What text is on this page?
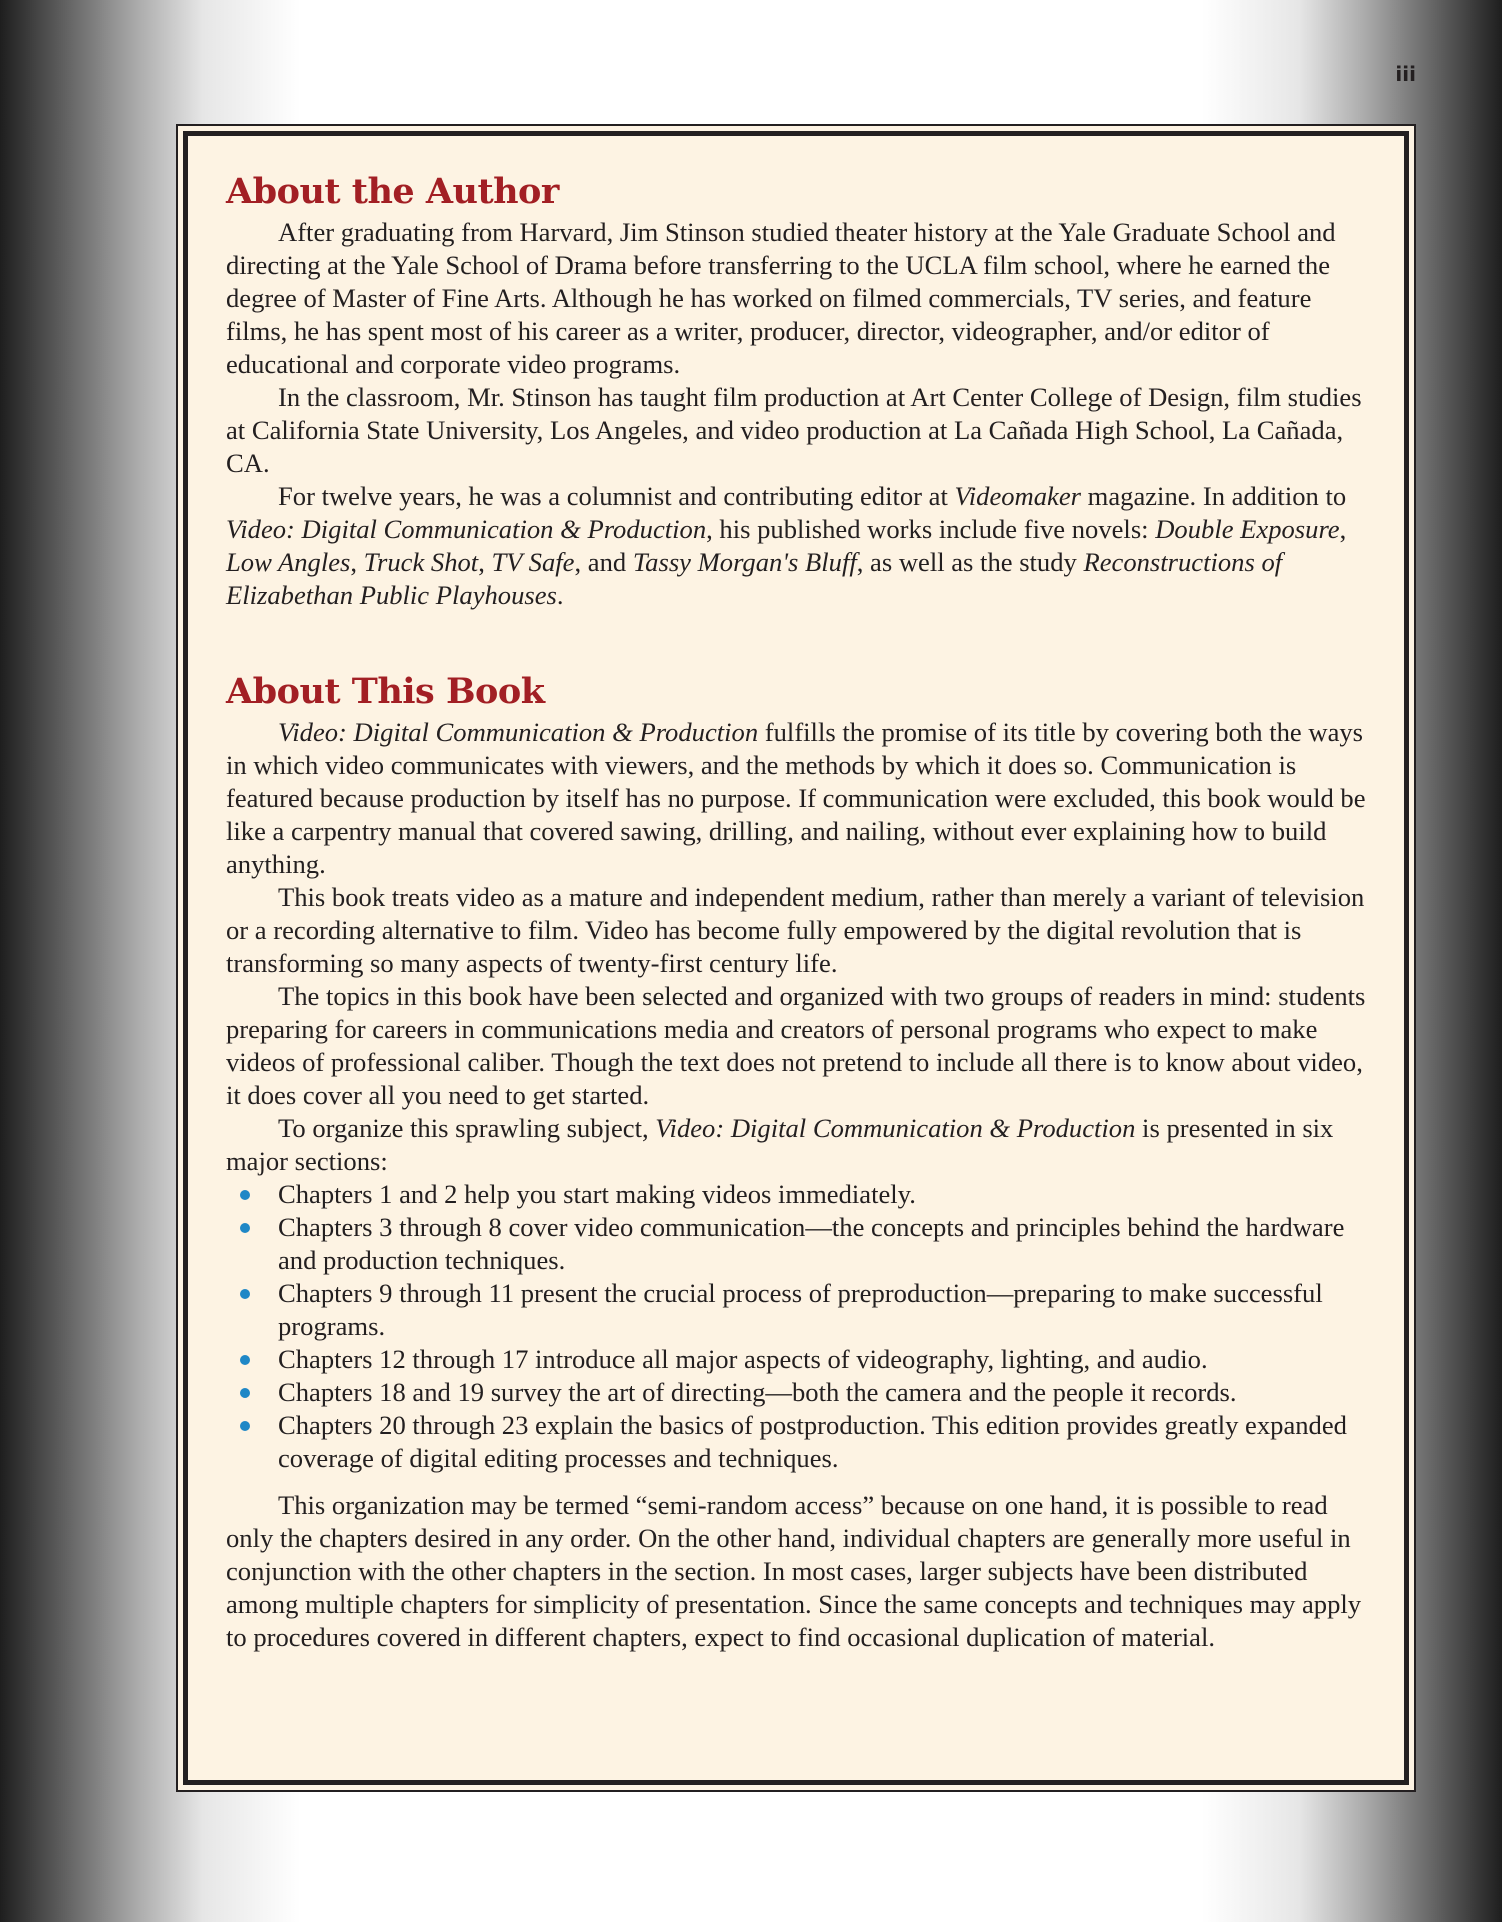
iii
About the Author

After graduating from Harvard, Jim Stinson studied theater history at the Yale Graduate School and directing at the Yale School of Drama before transferring to the UCLA film school, where he earned the degree of Master of Fine Arts. Although he has worked on filmed commercials, TV series, and feature films, he has spent most of his career as a writer, producer, director, videographer, and/or editor of educational and corporate video programs.

In the classroom, Mr. Stinson has taught film production at Art Center College of Design, film studies at California State University, Los Angeles, and video production at La Cañada High School, La Cañada, CA.

For twelve years, he was a columnist and contributing editor at Videomaker magazine. In addition to Video: Digital Communication & Production, his published works include five novels: Double Exposure, Low Angles, Truck Shot, TV Safe, and Tassy Morgan's Bluff, as well as the study Reconstructions of Elizabethan Public Playhouses.

About This Book

Video: Digital Communication & Production fulfills the promise of its title by covering both the ways in which video communicates with viewers, and the methods by which it does so. Communication is featured because production by itself has no purpose. If communication were excluded, this book would be like a carpentry manual that covered sawing, drilling, and nailing, without ever explaining how to build anything.

This book treats video as a mature and independent medium, rather than merely a variant of television or a recording alternative to film. Video has become fully empowered by the digital revolution that is transforming so many aspects of twenty-first century life.

The topics in this book have been selected and organized with two groups of readers in mind: students preparing for careers in communications media and creators of personal programs who expect to make videos of professional caliber. Though the text does not pretend to include all there is to know about video, it does cover all you need to get started.

To organize this sprawling subject, Video: Digital Communication & Production is presented in six major sections:

Chapters 1 and 2 help you start making videos immediately.
Chapters 3 through 8 cover video communication—the concepts and principles behind the hardware and production techniques.
Chapters 9 through 11 present the crucial process of preproduction—preparing to make successful programs.
Chapters 12 through 17 introduce all major aspects of videography, lighting, and audio.
Chapters 18 and 19 survey the art of directing—both the camera and the people it records.
Chapters 20 through 23 explain the basics of postproduction. This edition provides greatly expanded coverage of digital editing processes and techniques.

This organization may be termed “semi-random access” because on one hand, it is possible to read only the chapters desired in any order. On the other hand, individual chapters are generally more useful in conjunction with the other chapters in the section. In most cases, larger subjects have been distributed among multiple chapters for simplicity of presentation. Since the same concepts and techniques may apply to procedures covered in different chapters, expect to find occasional duplication of material.
